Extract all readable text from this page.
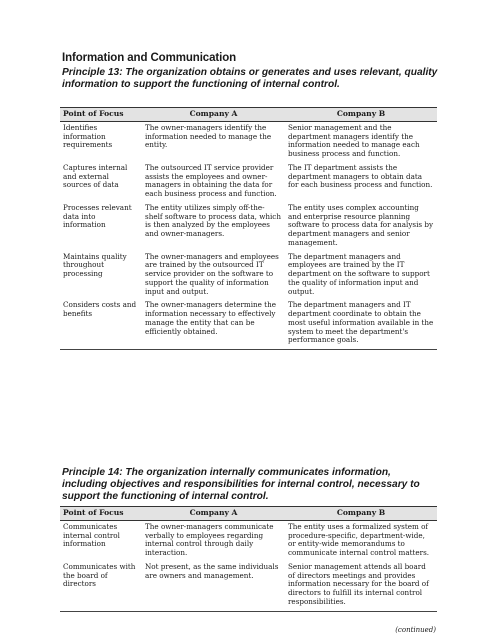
Information and Communication
Principle 13: The organization obtains or generates and uses relevant, quality information to support the functioning of internal control.
Point of Focus	Company A	Company B
Identifies information requirements	The owner-managers identify the information needed to manage the entity.	Senior management and the department managers identify the information needed to manage each business process and function.
Captures internal and external sources of data	The outsourced IT service provider assists the employees and owner-managers in obtaining the data for each business process and function.	The IT department assists the department managers to obtain data for each business process and function.
Processes relevant data into information	The entity utilizes simply off-the-shelf software to process data, which is then analyzed by the employees and owner-managers.	The entity uses complex accounting and enterprise resource planning software to process data for analysis by department managers and senior management.
Maintains quality throughout processing	The owner-managers and employees are trained by the outsourced IT service provider on the software to support the quality of information input and output.	The department managers and employees are trained by the IT department on the software to support the quality of information input and output.
Considers costs and benefits	The owner-managers determine the information necessary to effectively manage the entity that can be efficiently obtained.	The department managers and IT department coordinate to obtain the most useful information available in the system to meet the department's performance goals.
Principle 14: The organization internally communicates information, including objectives and responsibilities for internal control, necessary to support the functioning of internal control.
Point of Focus	Company A	Company B
Communicates internal control information	The owner-managers communicate verbally to employees regarding internal control through daily interaction.	The entity uses a formalized system of procedure-specific, department-wide, or entity-wide memorandums to communicate internal control matters.
Communicates with the board of directors	Not present, as the same individuals are owners and management.	Senior management attends all board of directors meetings and provides information necessary for the board of directors to fulfill its internal control responsibilities.
(continued)
